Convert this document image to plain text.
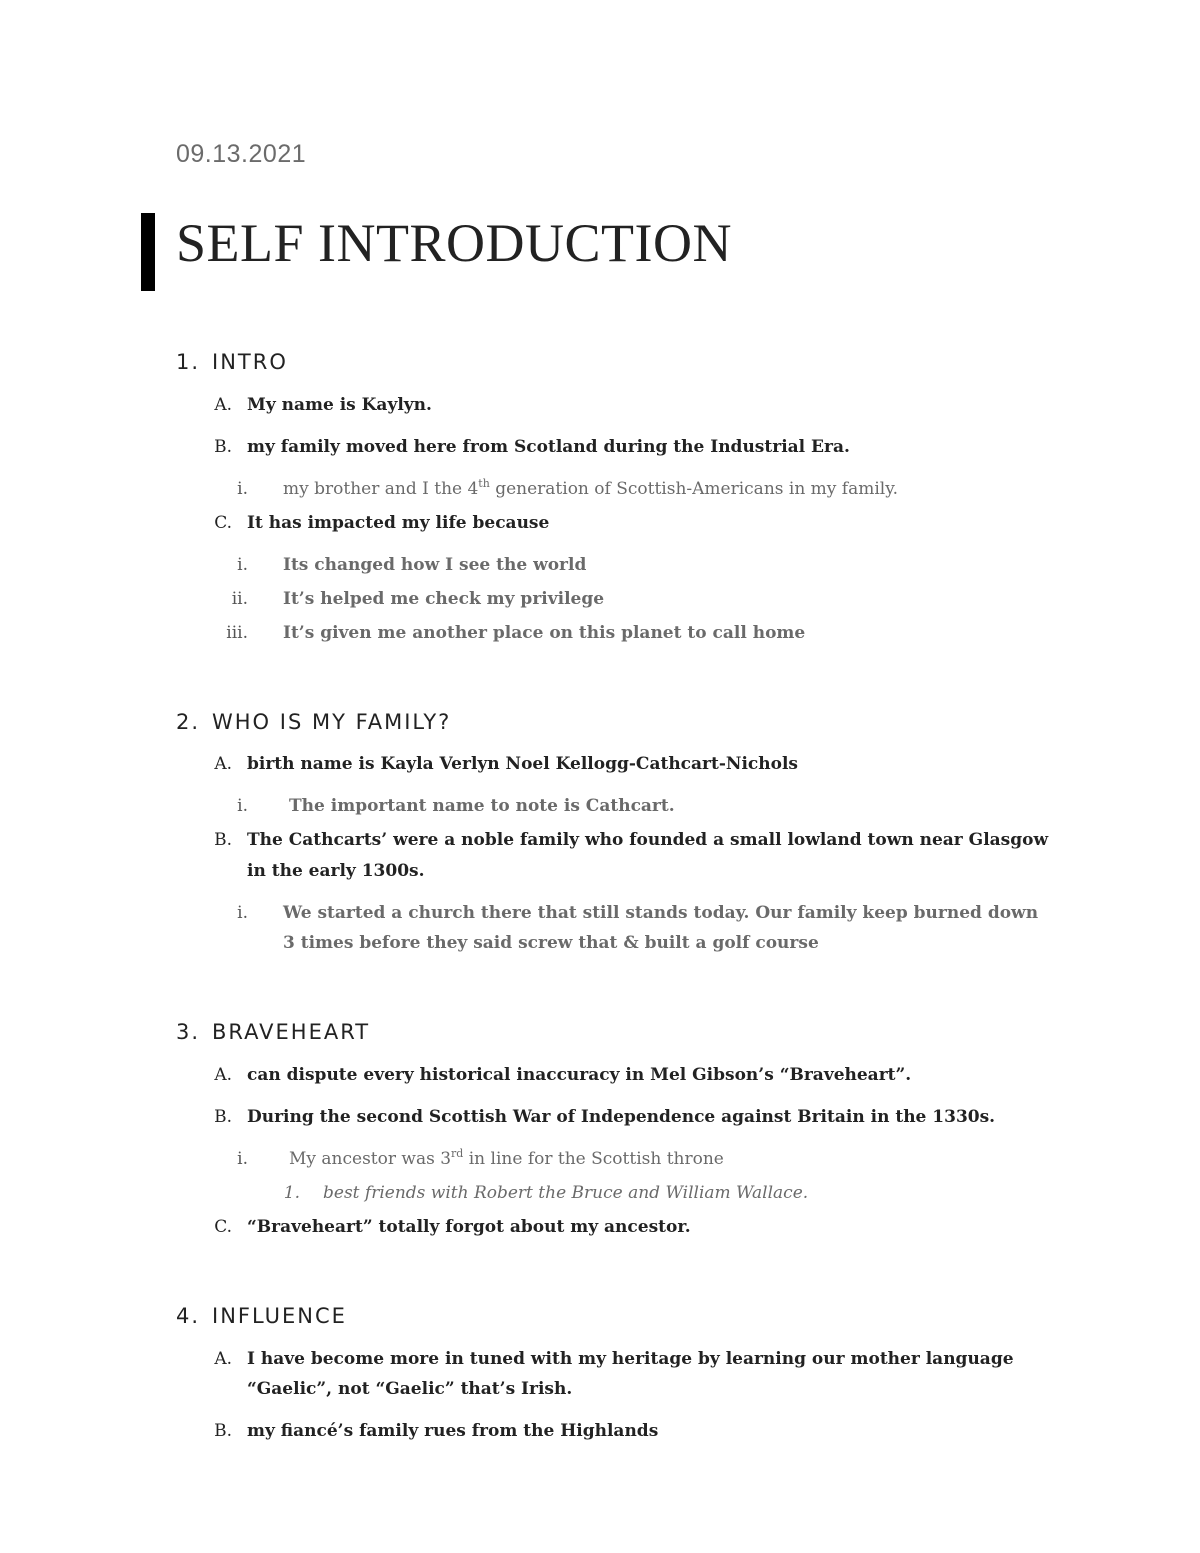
09.13.2021
SELF INTRODUCTION
1. INTRO
A. My name is Kaylyn.
B. my family moved here from Scotland during the Industrial Era.
i. my brother and I the 4th generation of Scottish-Americans in my family.
C. It has impacted my life because
i. Its changed how I see the world
ii. It’s helped me check my privilege
iii. It’s given me another place on this planet to call home
2. WHO IS MY FAMILY?
A. birth name is Kayla Verlyn Noel Kellogg-Cathcart-Nichols
i. The important name to note is Cathcart.
B. The Cathcarts’ were a noble family who founded a small lowland town near Glasgow
in the early 1300s.
i. We started a church there that still stands today. Our family keep burned down
3 times before they said screw that & built a golf course
3. BRAVEHEART
A. can dispute every historical inaccuracy in Mel Gibson’s “Braveheart”.
B. During the second Scottish War of Independence against Britain in the 1330s.
i. My ancestor was 3rd in line for the Scottish throne
1. best friends with Robert the Bruce and William Wallace.
C. “Braveheart” totally forgot about my ancestor.
4. INFLUENCE
A. I have become more in tuned with my heritage by learning our mother language
“Gaelic”, not “Gaelic” that’s Irish.
B. my fiancé’s family rues from the Highlands
